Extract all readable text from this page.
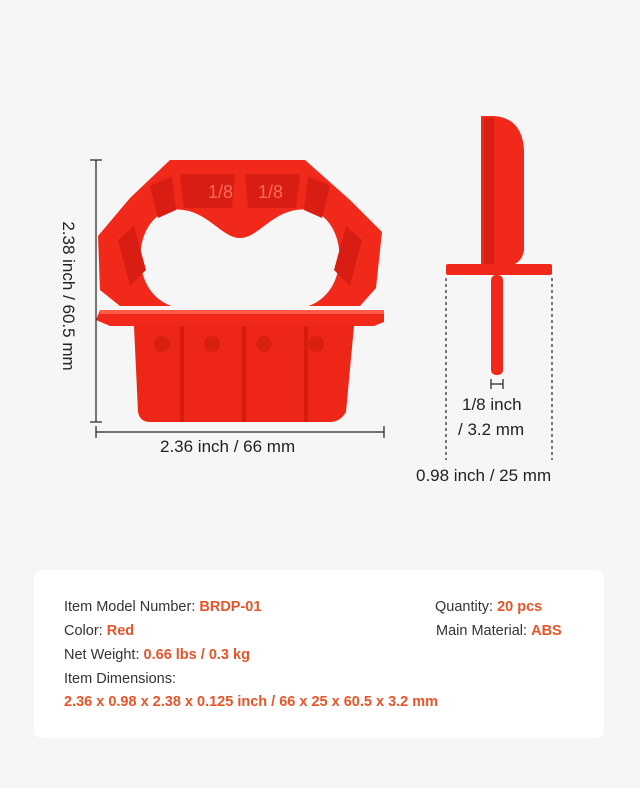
1/8 1/8
2.38 inch / 60.5 mm
2.36 inch / 66 mm
1/8 inch
/ 3.2 mm
0.98 inch / 25 mm
Item Model Number: BRDP-01	Quantity: 20 pcs
Color: Red	Main Material: ABS
Net Weight: 0.66 lbs / 0.3 kg
Item Dimensions:
2.36 x 0.98 x 2.38 x 0.125 inch / 66 x 25 x 60.5 x 3.2 mm
